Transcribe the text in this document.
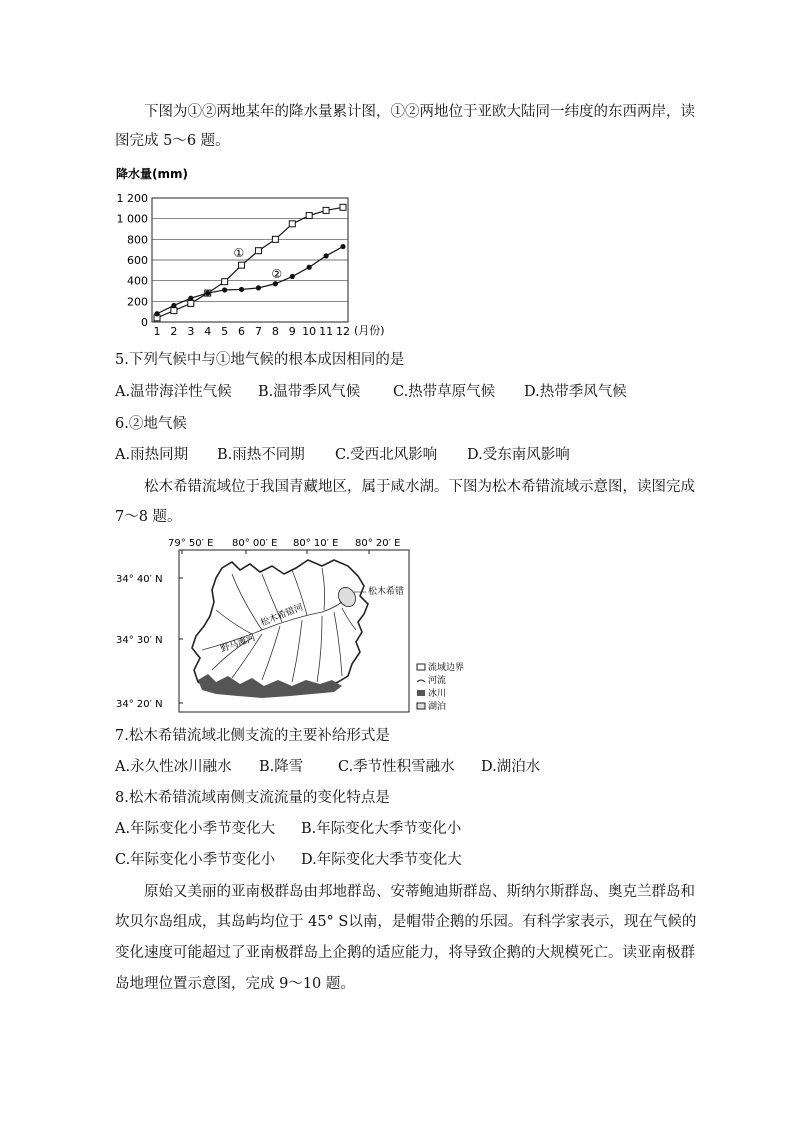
下图为①②两地某年的降水量累计图，①②两地位于亚欧大陆同一纬度的东西两岸，读
图完成 5～6 题。
降水量(mm)
0
200
400
600
800
1 000
1 200
1 2 3 4 5 6 7 8 9 10 11 12
①
②
(月份)
5.下列气候中与①地气候的根本成因相同的是
A.温带海洋性气候 B.温带季风气候 C.热带草原气候 D.热带季风气候
6.②地气候
A.雨热同期 B.雨热不同期 C.受西北风影响 D.受东南风影响
松木希错流域位于我国青藏地区，属于咸水湖。下图为松木希错流域示意图，读图完成
7～8 题。
79° 50′ E 80° 00′ E 80° 10′ E 80° 20′ E
34° 40′ N
34° 30′ N
34° 20′ N
野马滩河
松木希错河
松木希错
流域边界
河流
冰川
湖泊
7.松木希错流域北侧支流的主要补给形式是
A.永久性冰川融水 B.降雪 C.季节性积雪融水 D.湖泊水
8.松木希错流域南侧支流流量的变化特点是
A.年际变化小季节变化大 B.年际变化大季节变化小
C.年际变化小季节变化小 D.年际变化大季节变化大
原始又美丽的亚南极群岛由邦地群岛、安蒂鲍迪斯群岛、斯纳尔斯群岛、奥克兰群岛和
坎贝尔岛组成，其岛屿均位于 45° S以南，是帽带企鹅的乐园。有科学家表示，现在气候的
变化速度可能超过了亚南极群岛上企鹅的适应能力，将导致企鹅的大规模死亡。读亚南极群
岛地理位置示意图，完成 9～10 题。
